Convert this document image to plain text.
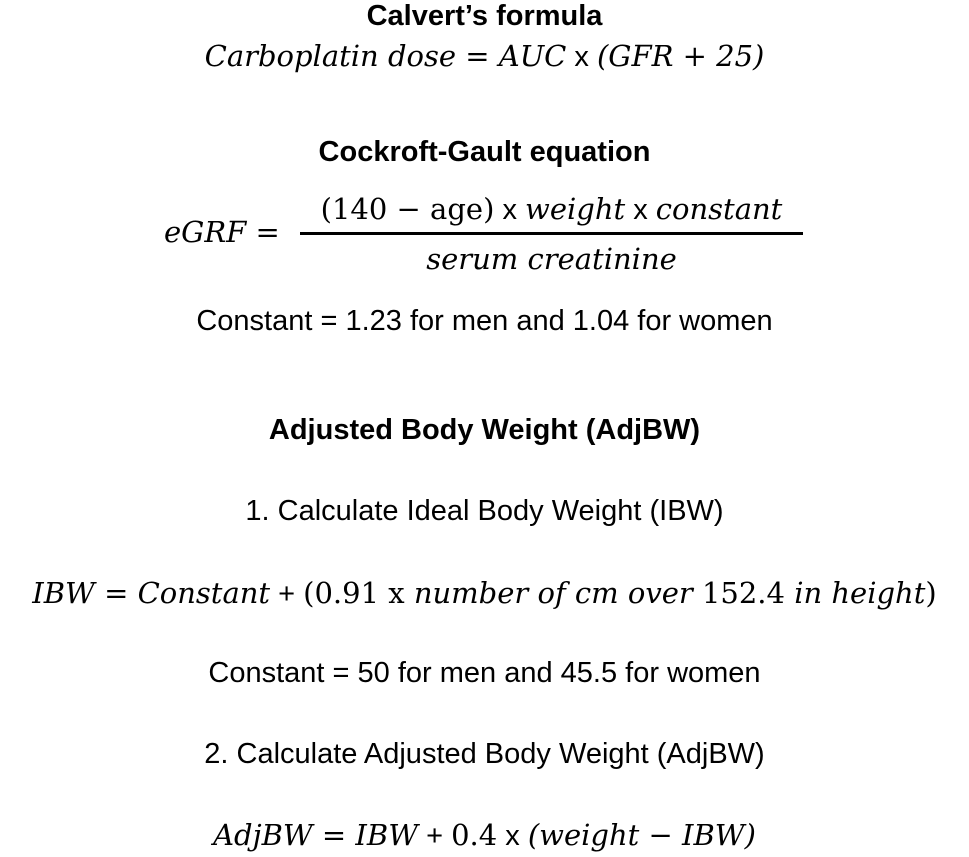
Calvert’s formula
Carboplatin dose = AUC x (GFR + 25)
Cockroft-Gault equation
eGRF =
(140 − age) x weight x constant
serum creatinine
Constant = 1.23 for men and 1.04 for women
Adjusted Body Weight (AdjBW)
1. Calculate Ideal Body Weight (IBW)
IBW = Constant + (0.91 x number of cm over 152.4 in height)
Constant = 50 for men and 45.5 for women
2. Calculate Adjusted Body Weight (AdjBW)
AdjBW = IBW + 0.4 x (weight − IBW)
